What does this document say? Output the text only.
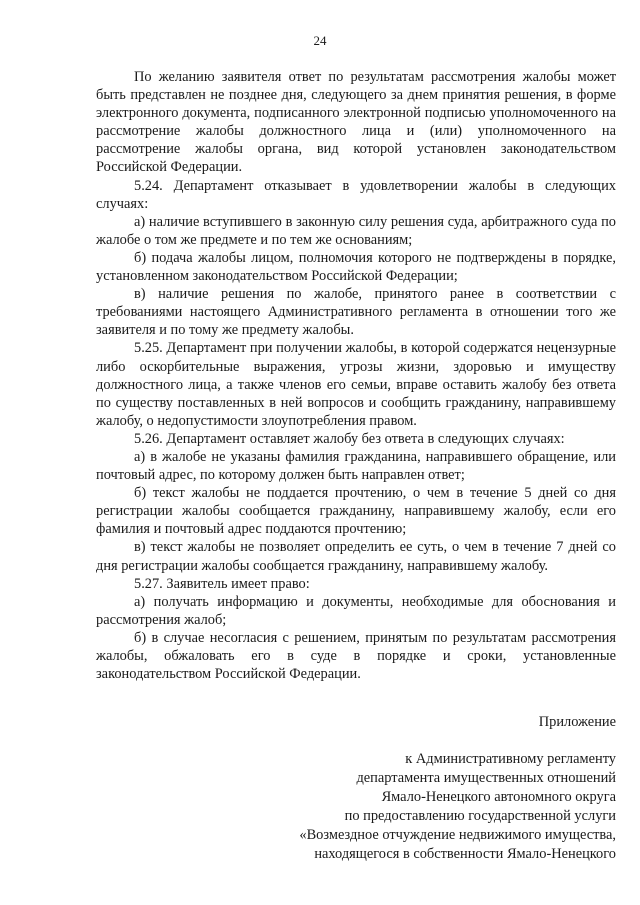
24

По желанию заявителя ответ по результатам рассмотрения жалобы может быть представлен не позднее дня, следующего за днем принятия решения, в форме электронного документа, подписанного электронной подписью уполномоченного на рассмотрение жалобы должностного лица и (или) уполномоченного на рассмотрение жалобы органа, вид которой установлен законодательством Российской Федерации.

5.24. Департамент отказывает в удовлетворении жалобы в следующих случаях:

а) наличие вступившего в законную силу решения суда, арбитражного суда по жалобе о том же предмете и по тем же основаниям;

б) подача жалобы лицом, полномочия которого не подтверждены в порядке, установленном законодательством Российской Федерации;

в) наличие решения по жалобе, принятого ранее в соответствии с требованиями настоящего Административного регламента в отношении того же заявителя и по тому же предмету жалобы.

5.25. Департамент при получении жалобы, в которой содержатся нецензурные либо оскорбительные выражения, угрозы жизни, здоровью и имуществу должностного лица, а также членов его семьи, вправе оставить жалобу без ответа по существу поставленных в ней вопросов и сообщить гражданину, направившему жалобу, о недопустимости злоупотребления правом.

5.26. Департамент оставляет жалобу без ответа в следующих случаях:

а) в жалобе не указаны фамилия гражданина, направившего обращение, или почтовый адрес, по которому должен быть направлен ответ;

б) текст жалобы не поддается прочтению, о чем в течение 5 дней со дня регистрации жалобы сообщается гражданину, направившему жалобу, если его фамилия и почтовый адрес поддаются прочтению;

в) текст жалобы не позволяет определить ее суть, о чем в течение 7 дней со дня регистрации жалобы сообщается гражданину, направившему жалобу.

5.27. Заявитель имеет право:

а) получать информацию и документы, необходимые для обоснования и рассмотрения жалоб;

б) в случае несогласия с решением, принятым по результатам рассмотрения жалобы, обжаловать его в суде в порядке и сроки, установленные законодательством Российской Федерации.

Приложение
к Административному регламенту
департамента имущественных отношений
Ямало-Ненецкого автономного округа
по предоставлению государственной услуги
«Возмездное отчуждение недвижимого имущества,
находящегося в собственности Ямало-Ненецкого
